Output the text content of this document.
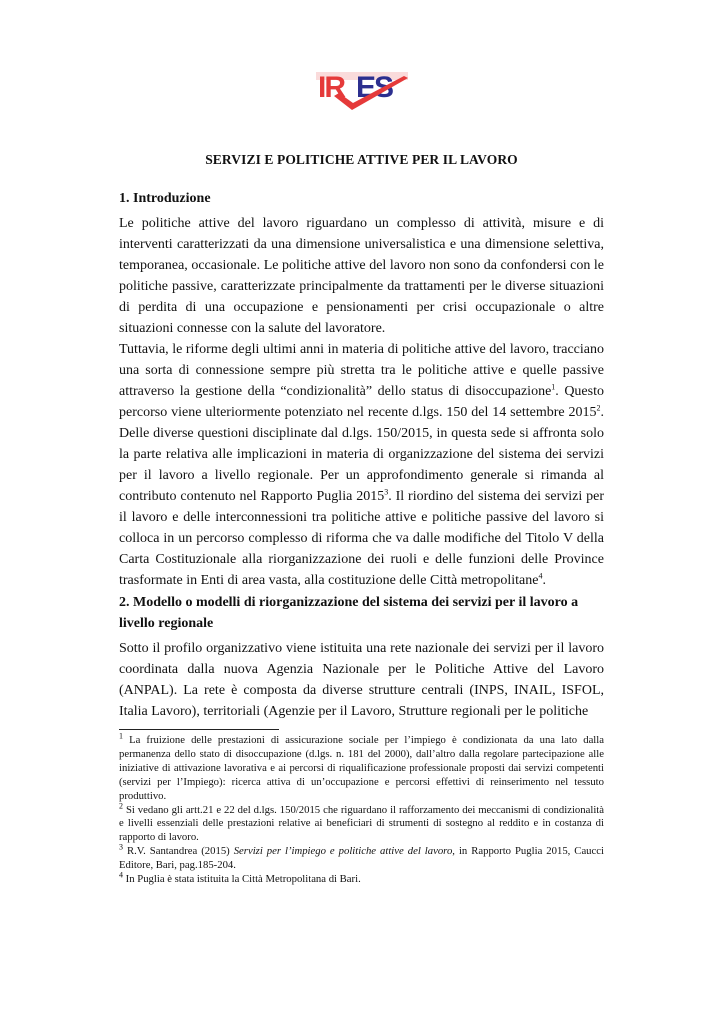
IR ES
SERVIZI E POLITICHE ATTIVE PER IL LAVORO
1. Introduzione

Le politiche attive del lavoro riguardano un complesso di attività, misure e di interventi caratterizzati da una dimensione universalistica e una dimensione selettiva, temporanea, occasionale. Le politiche attive del lavoro non sono da confondersi con le politiche passive, caratterizzate principalmente da trattamenti per le diverse situazioni di perdita di una occupazione e pensionamenti per crisi occupazionale o altre situazioni connesse con la salute del lavoratore.

Tuttavia, le riforme degli ultimi anni in materia di politiche attive del lavoro, tracciano una sorta di connessione sempre più stretta tra le politiche attive e quelle passive attraverso la gestione della “condizionalità” dello status di disoccupazione$^1$. Questo percorso viene ulteriormente potenziato nel recente d.lgs. 150 del 14 settembre 2015$^2$. Delle diverse questioni disciplinate dal d.lgs. 150/2015, in questa sede si affronta solo la parte relativa alle implicazioni in materia di organizzazione del sistema dei servizi per il lavoro a livello regionale. Per un approfondimento generale si rimanda al contributo contenuto nel Rapporto Puglia 2015$^3$. Il riordino del sistema dei servizi per il lavoro e delle interconnessioni tra politiche attive e politiche passive del lavoro si colloca in un percorso complesso di riforma che va dalle modifiche del Titolo V della Carta Costituzionale alla riorganizzazione dei ruoli e delle funzioni delle Province trasformate in Enti di area vasta, alla costituzione delle Città metropolitane$^4$.

2. Modello o modelli di riorganizzazione del sistema dei servizi per il lavoro a livello regionale

Sotto il profilo organizzativo viene istituita una rete nazionale dei servizi per il lavoro coordinata dalla nuova Agenzia Nazionale per le Politiche Attive del Lavoro (ANPAL). La rete è composta da diverse strutture centrali (INPS, INAIL, ISFOL, Italia Lavoro), territoriali (Agenzie per il Lavoro, Strutture regionali per le politiche

$^1$ La fruizione delle prestazioni di assicurazione sociale per l’impiego è condizionata da una lato dalla permanenza dello stato di disoccupazione (d.lgs. n. 181 del 2000), dall’altro dalla regolare partecipazione alle iniziative di attivazione lavorativa e ai percorsi di riqualificazione professionale proposti dai servizi competenti (servizi per l’Impiego): ricerca attiva di un’occupazione e percorsi effettivi di reinserimento nel tessuto produttivo.

$^2$ Si vedano gli artt.21 e 22 del d.lgs. 150/2015 che riguardano il rafforzamento dei meccanismi di condizionalità e livelli essenziali delle prestazioni relative ai beneficiari di strumenti di sostegno al reddito e in costanza di rapporto di lavoro.

$^3$ R.V. Santandrea (2015) Servizi per l’impiego e politiche attive del lavoro, in Rapporto Puglia 2015, Caucci Editore, Bari, pag.185-204.

$^4$ In Puglia è stata istituita la Città Metropolitana di Bari.
